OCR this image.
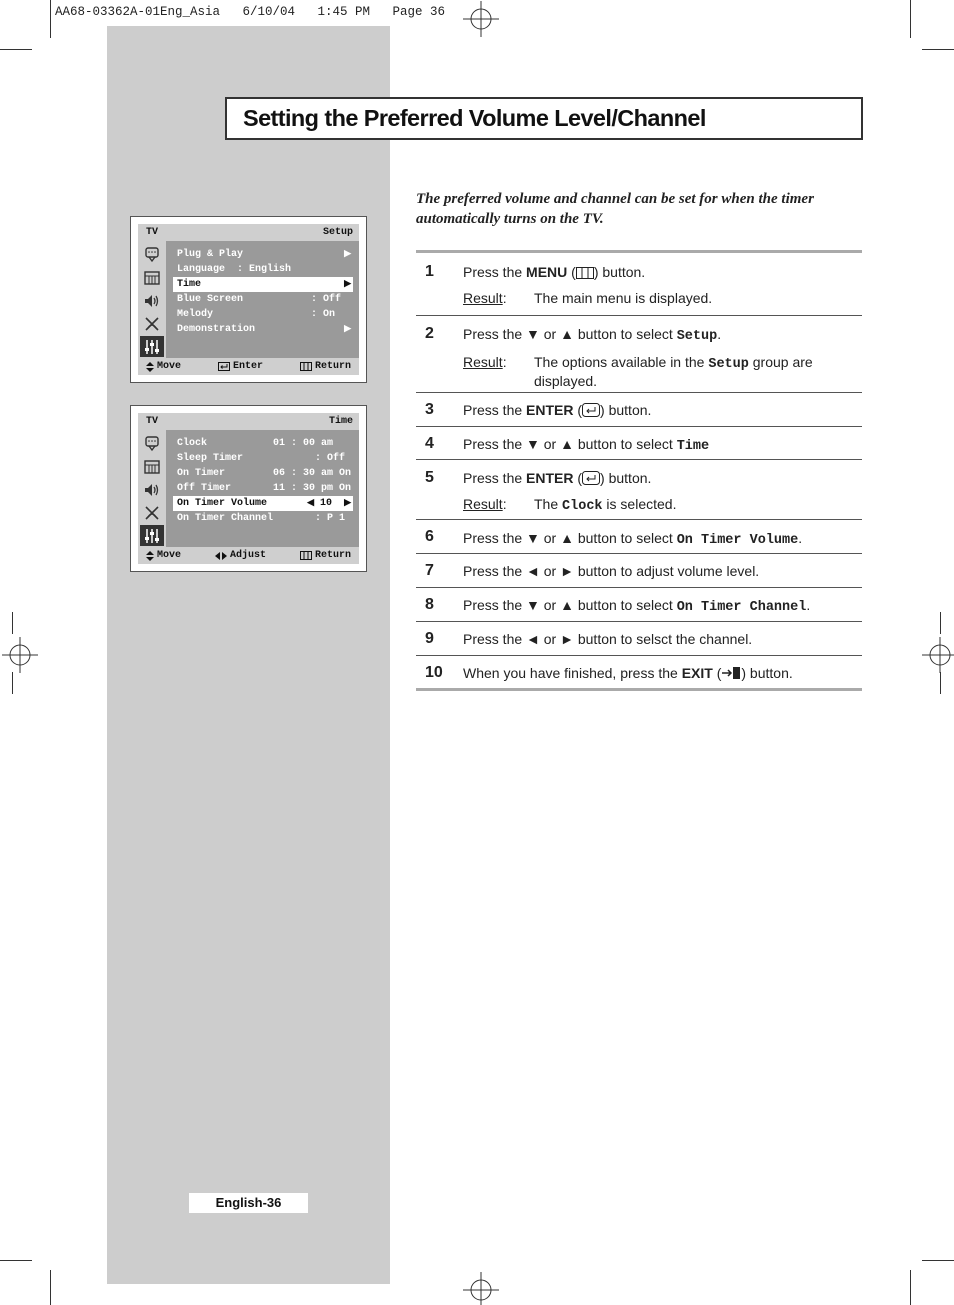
AA68-03362A-01Eng_Asia   6/10/04   1:45 PM   Page 36
Setting the Preferred Volume Level/Channel

The preferred volume and channel can be set for when the timer automatically turns on the TV.

1 Press the MENU ( ) button.
Result:	The main menu is displayed.
2 Press the ▼ or ▲ button to select Setup.
Result:	The options available in the Setup group are displayed.
3 Press the ENTER ( ) button.
4 Press the ▼ or ▲ button to select Time
5 Press the ENTER ( ) button.
Result:	The Clock is selected.
6 Press the ▼ or ▲ button to select On Timer Volume.
7 Press the ◄ or ► button to adjust volume level.
8 Press the ▼ or ▲ button to select On Timer Channel.
9 Press the ◄ or ► button to selsct the channel.
10 When you have finished, press the EXIT ( ) button.
TV	Setup
Plug & Play	▶
Language  : English
Time	▶
Blue Screen	: Off
Melody	: On
Demonstration	▶
Move	Enter	Return
TV	Time
Clock	01 : 00 am
Sleep Timer	: Off
On Timer	06 : 30 am On
Off Timer	11 : 30 pm On
On Timer Volume	◀ 10 ▶
On Timer Channel	: P 1
Move	Adjust	Return
English-36
